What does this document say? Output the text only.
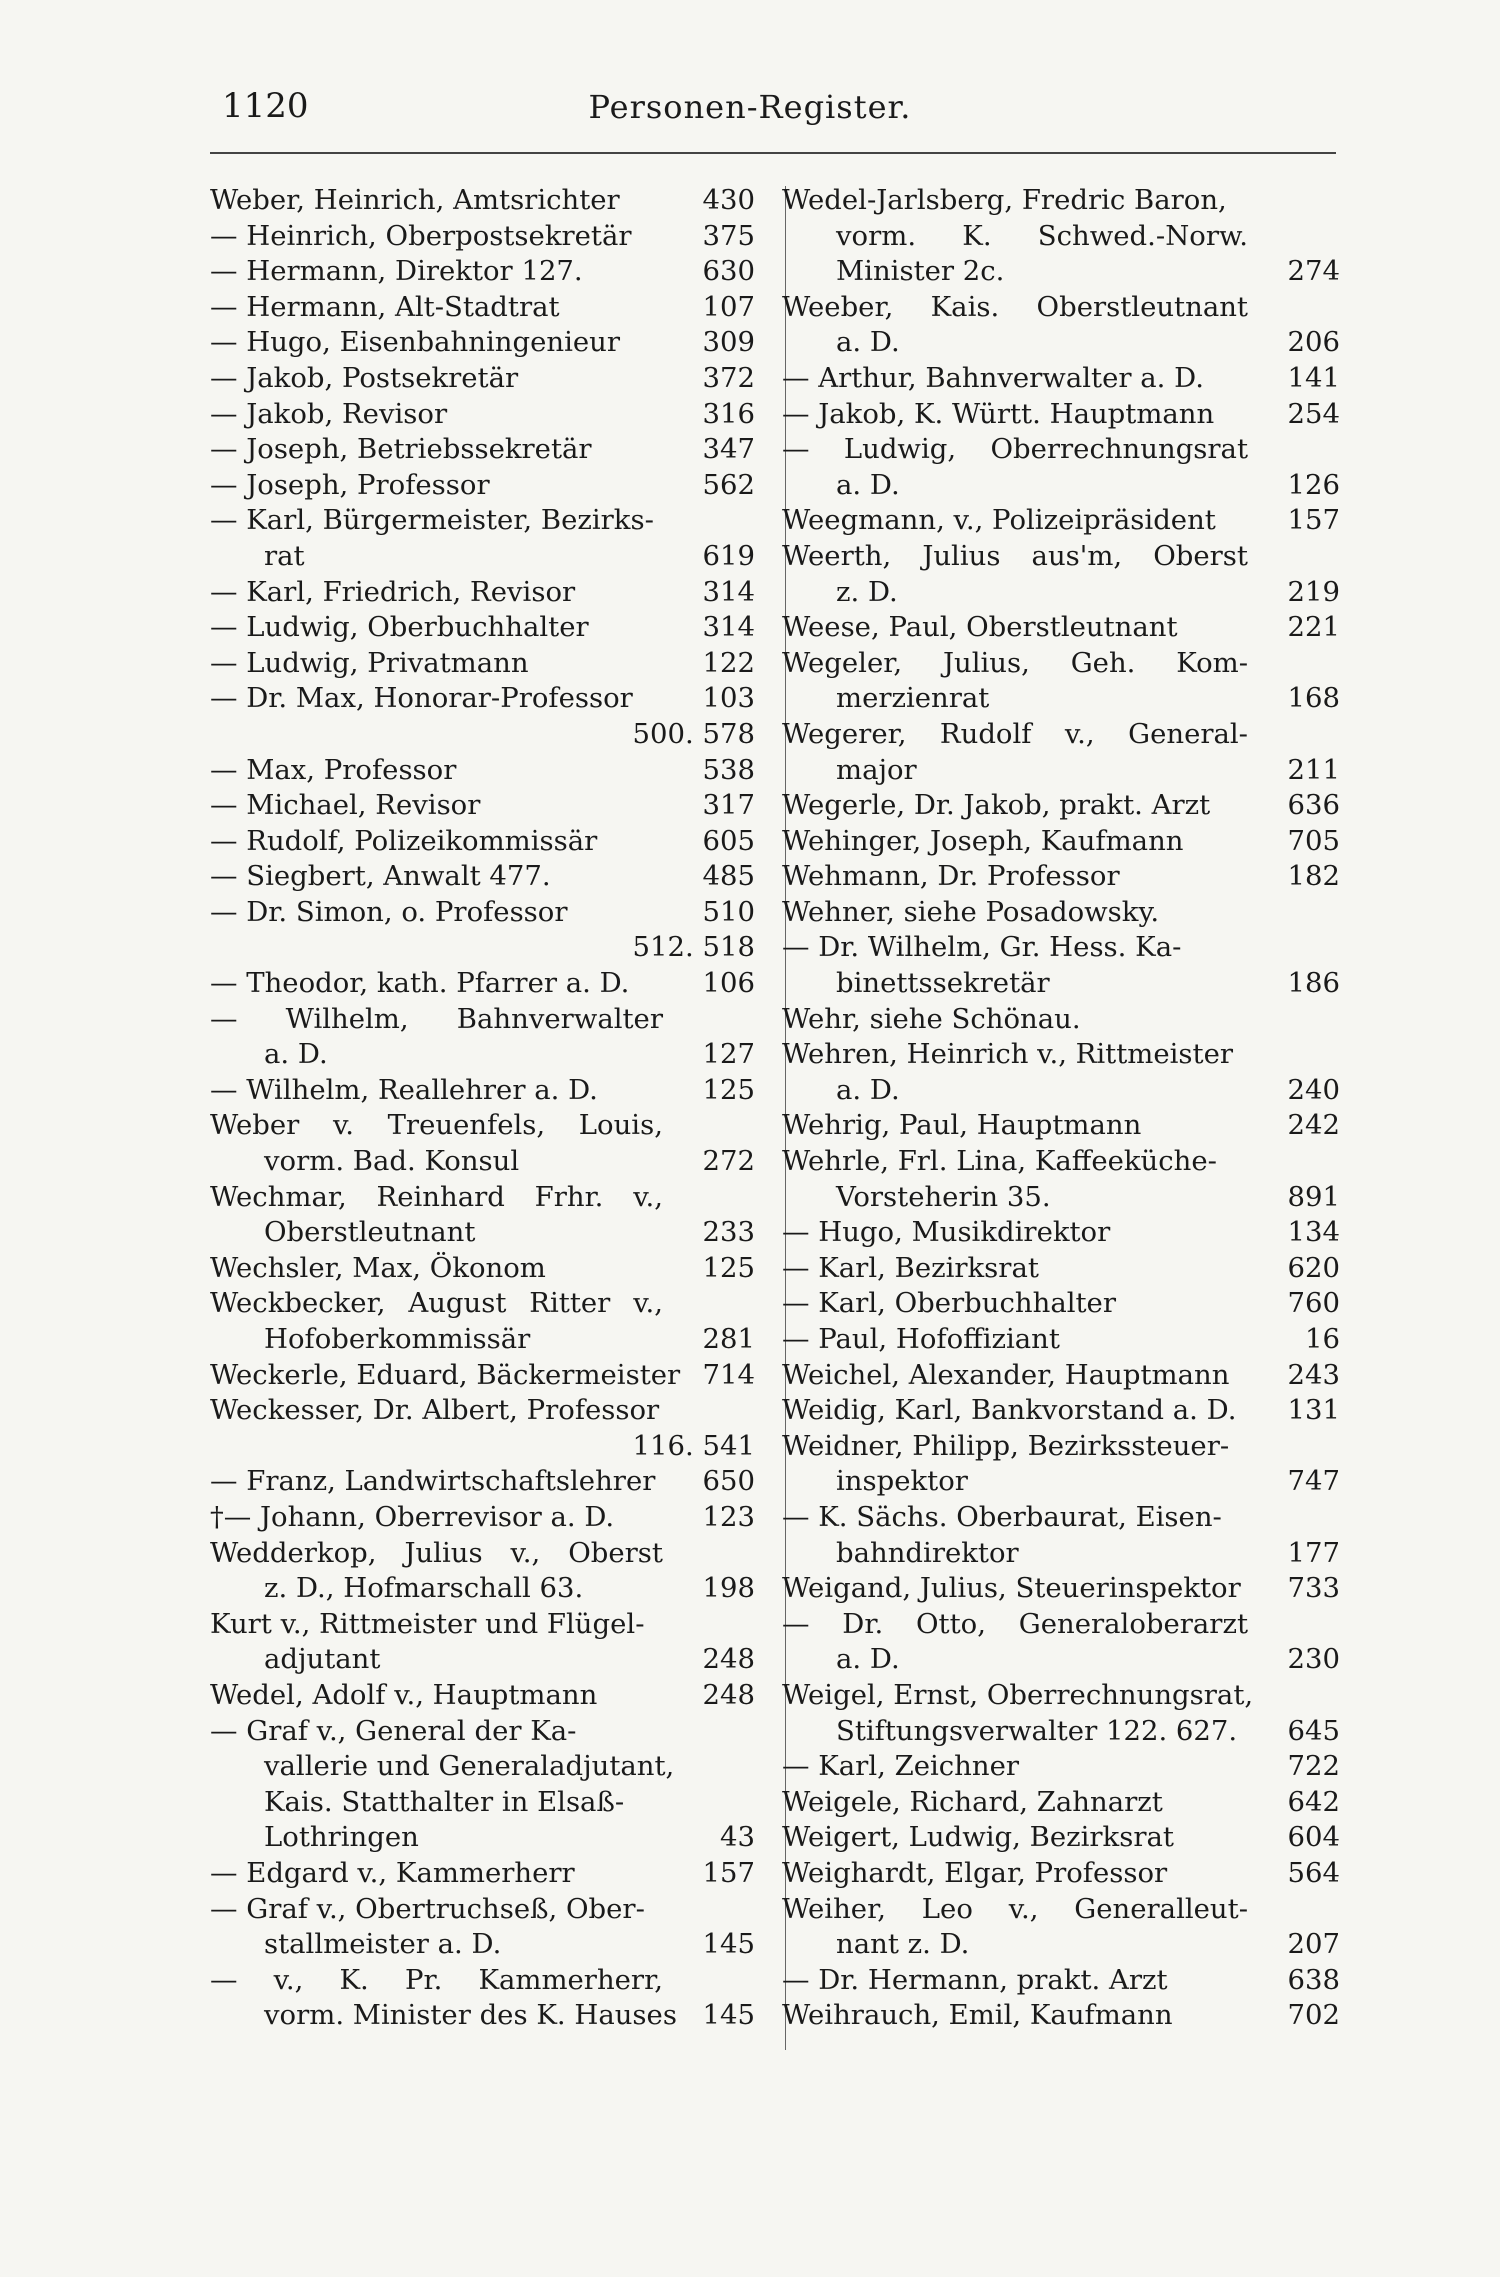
1120	Personen-Register.
Weber, Heinrich, Amtsrichter	430
— Heinrich, Oberpostsekretär	375
— Hermann, Direktor 127.	630
— Hermann, Alt-Stadtrat	107
— Hugo, Eisenbahningenieur	309
— Jakob, Postsekretär	372
— Jakob, Revisor	316
— Joseph, Betriebssekretär	347
— Joseph, Professor	562
— Karl, Bürgermeister, Bezirks-
rat	619
— Karl, Friedrich, Revisor	314
— Ludwig, Oberbuchhalter	314
— Ludwig, Privatmann	122
— Dr. Max, Honorar-Professor	103
500. 578
— Max, Professor	538
— Michael, Revisor	317
— Rudolf, Polizeikommissär	605
— Siegbert, Anwalt 477.	485
— Dr. Simon, o. Professor	510
512. 518
— Theodor, kath. Pfarrer a. D.	106
— Wilhelm, Bahnverwalter
a. D.	127
— Wilhelm, Reallehrer a. D.	125
Weber v. Treuenfels, Louis,
vorm. Bad. Konsul	272
Wechmar, Reinhard Frhr. v.,
Oberstleutnant	233
Wechsler, Max, Ökonom	125
Weckbecker, August Ritter v.,
Hofoberkommissär	281
Weckerle, Eduard, Bäckermeister 714
Weckesser, Dr. Albert, Professor
116. 541
— Franz, Landwirtschaftslehrer 650
†— Johann, Oberrevisor a. D.	123
Wedderkop, Julius v., Oberst
z. D., Hofmarschall 63.	198
Kurt v., Rittmeister und Flügel-
adjutant	248
Wedel, Adolf v., Hauptmann	248
— Graf v., General der Ka-
vallerie und Generaladjutant,
Kais. Statthalter in Elsaß-
Lothringen	43
— Edgard v., Kammerherr	157
— Graf v., Obertruchseß, Ober-
stallmeister a. D.	145
— v., K. Pr. Kammerherr,
vorm. Minister des K. Hauses 145
Wedel-Jarlsberg, Fredric Baron,
vorm. K. Schwed.-Norw.
Minister 2c.	274
Weeber, Kais. Oberstleutnant
a. D.	206
— Arthur, Bahnverwalter a. D.	141
— Jakob, K. Württ. Hauptmann	254
— Ludwig, Oberrechnungsrat
a. D.	126
Weegmann, v., Polizeipräsident	157
Weerth, Julius aus'm, Oberst
z. D.	219
Weese, Paul, Oberstleutnant	221
Wegeler, Julius, Geh. Kom-
merzienrat	168
Wegerer, Rudolf v., General-
major	211
Wegerle, Dr. Jakob, prakt. Arzt	636
Wehinger, Joseph, Kaufmann	705
Wehmann, Dr. Professor	182
Wehner, siehe Posadowsky.
— Dr. Wilhelm, Gr. Hess. Ka-
binettssekretär	186
Wehr, siehe Schönau.
Wehren, Heinrich v., Rittmeister
a. D.	240
Wehrig, Paul, Hauptmann	242
Wehrle, Frl. Lina, Kaffeeküche-
Vorsteherin 35.	891
— Hugo, Musikdirektor	134
— Karl, Bezirksrat	620
— Karl, Oberbuchhalter	760
— Paul, Hofoffiziant	16
Weichel, Alexander, Hauptmann 243
Weidig, Karl, Bankvorstand a. D. 131
Weidner, Philipp, Bezirkssteuer-
inspektor	747
— K. Sächs. Oberbaurat, Eisen-
bahndirektor	177
Weigand, Julius, Steuerinspektor 733
— Dr. Otto, Generaloberarzt
a. D.	230
Weigel, Ernst, Oberrechnungsrat,
Stiftungsverwalter 122. 627. 645
— Karl, Zeichner	722
Weigele, Richard, Zahnarzt	642
Weigert, Ludwig, Bezirksrat	604
Weighardt, Elgar, Professor	564
Weiher, Leo v., Generalleut-
nant z. D.	207
— Dr. Hermann, prakt. Arzt	638
Weihrauch, Emil, Kaufmann	702
